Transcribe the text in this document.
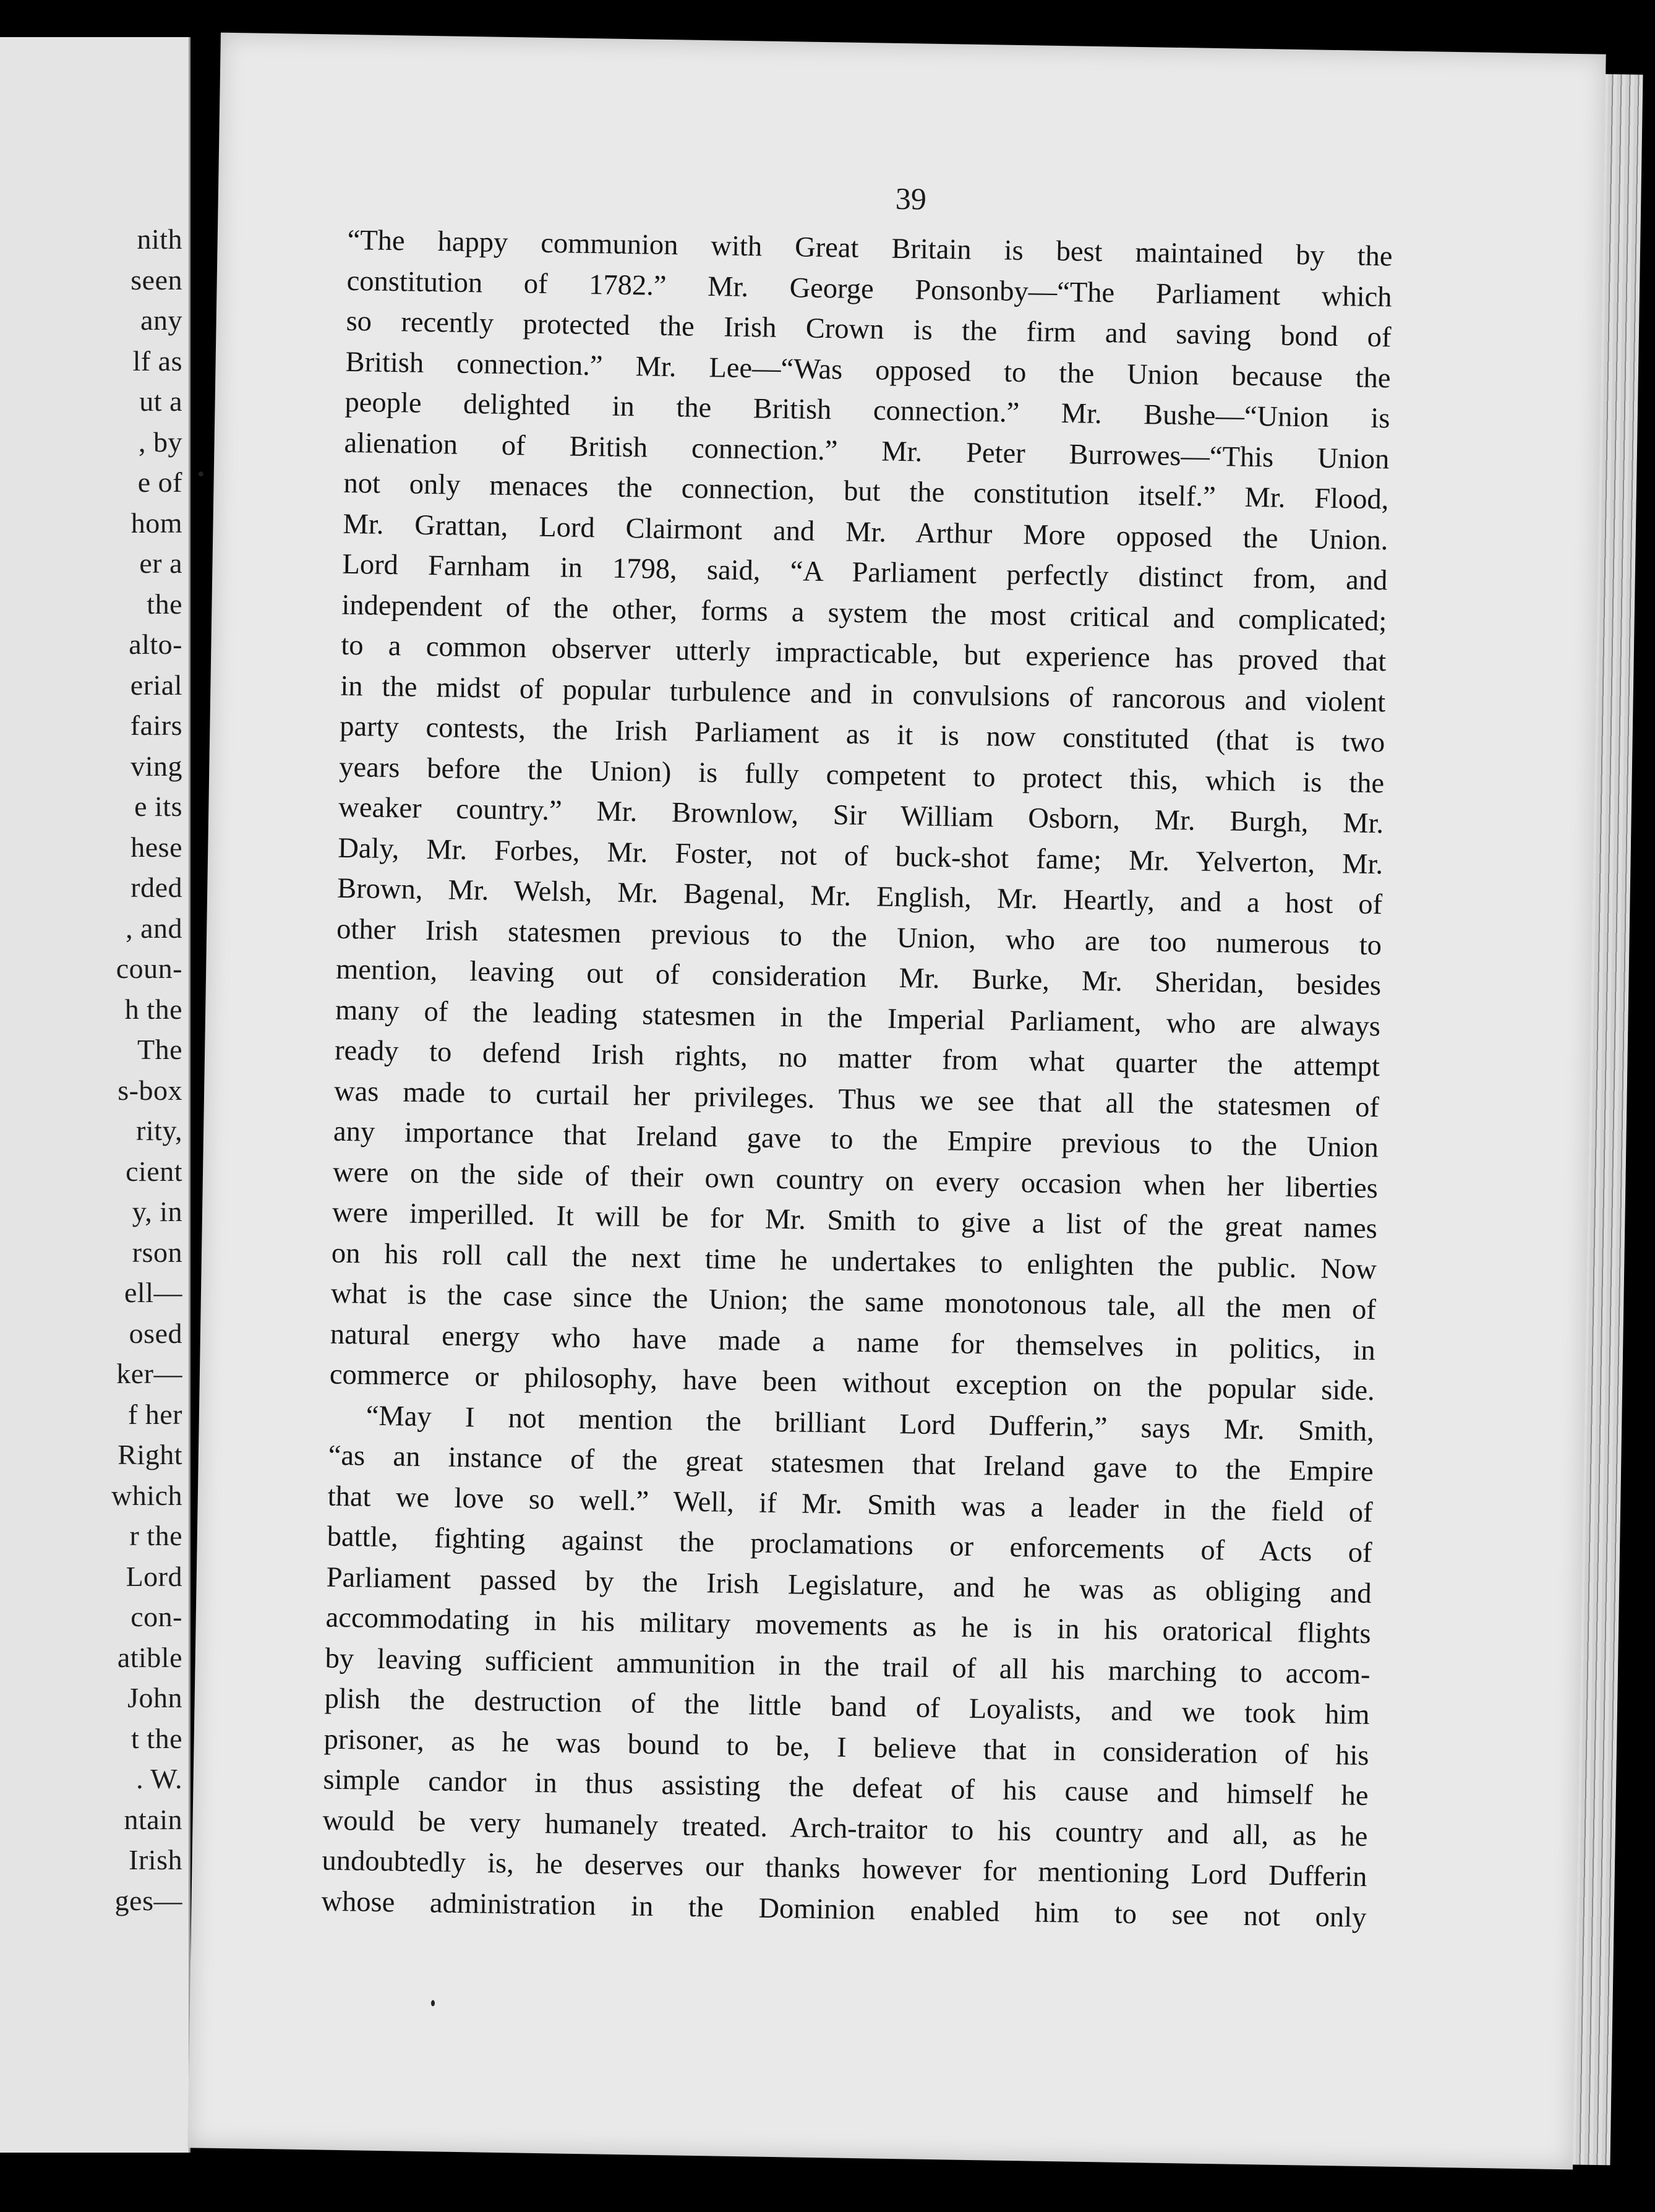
nith
seen
any
lf as
ut a
, by
e of
hom
er a
the
alto-
erial
fairs
ving
e its
hese
rded
, and
coun-
h the
The
s-box
rity,
cient
y, in
rson
ell—
osed
ker—
f her
Right
which
r the
Lord
con-
atible
John
t the
. W.
ntain
Irish
ges—
39
“The happy communion with Great Britain is best maintained by the
constitution of 1782.” Mr. George Ponsonby—“The Parliament which
so recently protected the Irish Crown is the firm and saving bond of
British connection.” Mr. Lee—“Was opposed to the Union because the
people delighted in the British connection.” Mr. Bushe—“Union is
alienation of British connection.” Mr. Peter Burrowes—“This Union
not only menaces the connection, but the constitution itself.” Mr. Flood,
Mr. Grattan, Lord Clairmont and Mr. Arthur More opposed the Union.
Lord Farnham in 1798, said, “A Parliament perfectly distinct from, and
independent of the other, forms a system the most critical and complicated;
to a common observer utterly impracticable, but experience has proved that
in the midst of popular turbulence and in convulsions of rancorous and violent
party contests, the Irish Parliament as it is now constituted (that is two
years before the Union) is fully competent to protect this, which is the
weaker country.” Mr. Brownlow, Sir William Osborn, Mr. Burgh, Mr.
Daly, Mr. Forbes, Mr. Foster, not of buck-shot fame; Mr. Yelverton, Mr.
Brown, Mr. Welsh, Mr. Bagenal, Mr. English, Mr. Heartly, and a host of
other Irish statesmen previous to the Union, who are too numerous to
mention, leaving out of consideration Mr. Burke, Mr. Sheridan, besides
many of the leading statesmen in the Imperial Parliament, who are always
ready to defend Irish rights, no matter from what quarter the attempt
was made to curtail her privileges. Thus we see that all the statesmen of
any importance that Ireland gave to the Empire previous to the Union
were on the side of their own country on every occasion when her liberties
were imperilled. It will be for Mr. Smith to give a list of the great names
on his roll call the next time he undertakes to enlighten the public. Now
what is the case since the Union; the same monotonous tale, all the men of
natural energy who have made a name for themselves in politics, in
commerce or philosophy, have been without exception on the popular side.
“May I not mention the brilliant Lord Dufferin,” says Mr. Smith,
“as an instance of the great statesmen that Ireland gave to the Empire
that we love so well.” Well, if Mr. Smith was a leader in the field of
battle, fighting against the proclamations or enforcements of Acts of
Parliament passed by the Irish Legislature, and he was as obliging and
accommodating in his military movements as he is in his oratorical flights
by leaving sufficient ammunition in the trail of all his marching to accom-
plish the destruction of the little band of Loyalists, and we took him
prisoner, as he was bound to be, I believe that in consideration of his
simple candor in thus assisting the defeat of his cause and himself he
would be very humanely treated. Arch-traitor to his country and all, as he
undoubtedly is, he deserves our thanks however for mentioning Lord Dufferin
whose administration in the Dominion enabled him to see not only
